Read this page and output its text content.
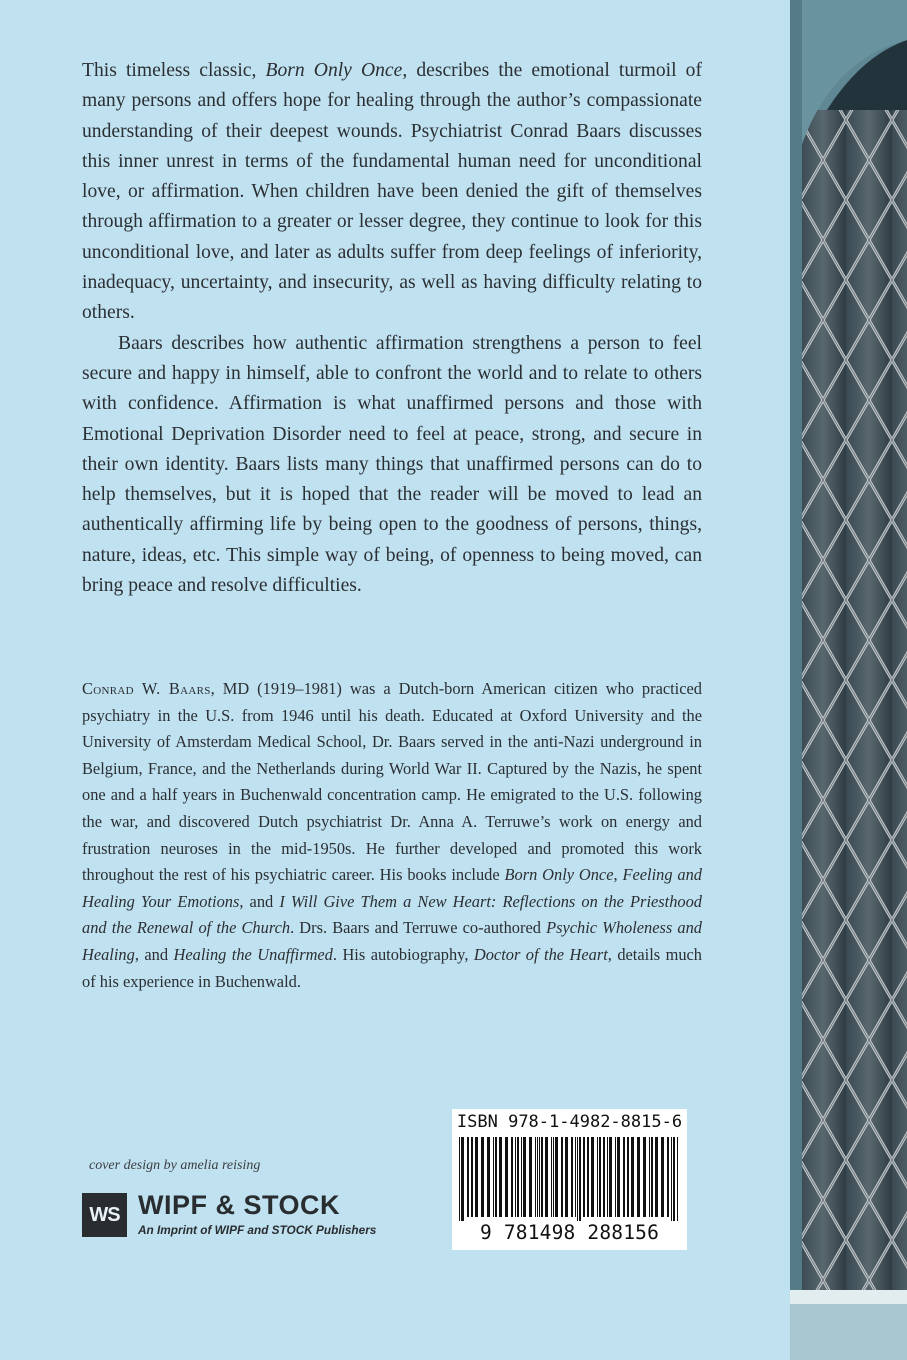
This timeless classic, Born Only Once, describes the emotional turmoil of many persons and offers hope for healing through the author’s compassionate understanding of their deepest wounds. Psychiatrist Conrad Baars discusses this inner unrest in terms of the fundamental human need for unconditional love, or affirmation. When children have been denied the gift of themselves through affirmation to a greater or lesser degree, they continue to look for this unconditional love, and later as adults suffer from deep feelings of inferiority, inadequacy, uncertainty, and insecurity, as well as having difficulty relating to others.

Baars describes how authentic affirmation strengthens a person to feel secure and happy in himself, able to confront the world and to relate to others with confidence. Affirmation is what unaffirmed persons and those with Emotional Deprivation Disorder need to feel at peace, strong, and secure in their own identity. Baars lists many things that unaffirmed persons can do to help themselves, but it is hoped that the reader will be moved to lead an authentically affirming life by being open to the goodness of persons, things, nature, ideas, etc. This simple way of being, of openness to being moved, can bring peace and resolve difficulties.

Conrad W. Baars, MD (1919–1981) was a Dutch-born American citizen who practiced psychiatry in the U.S. from 1946 until his death. Educated at Oxford University and the University of Amsterdam Medical School, Dr. Baars served in the anti-Nazi underground in Belgium, France, and the Netherlands during World War II. Captured by the Nazis, he spent one and a half years in Buchenwald concentration camp. He emigrated to the U.S. following the war, and discovered Dutch psychiatrist Dr. Anna A. Terruwe’s work on energy and frustration neuroses in the mid-1950s. He further developed and promoted this work throughout the rest of his psychiatric career. His books include Born Only Once, Feeling and Healing Your Emotions, and I Will Give Them a New Heart: Reflections on the Priesthood and the Renewal of the Church. Drs. Baars and Terruwe co-authored Psychic Wholeness and Healing, and Healing the Unaffirmed. His autobiography, Doctor of the Heart, details much of his experience in Buchenwald.

cover design by amelia reising
WS WIPF & STOCK
An Imprint of WIPF and STOCK Publishers
ISBN 978-1-4982-8815-6
9 781498 288156
